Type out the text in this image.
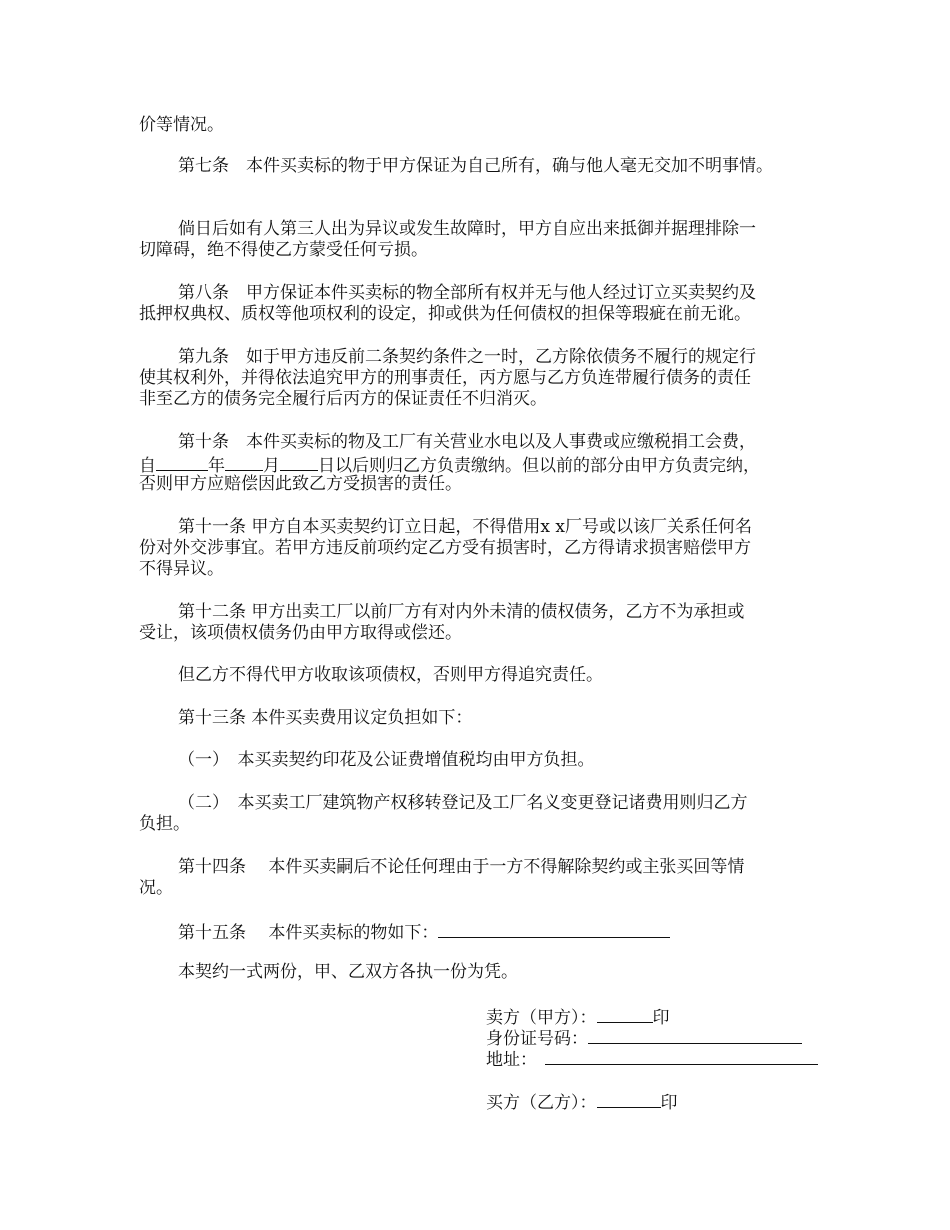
价等情况。
第七条　本件买卖标的物于甲方保证为自己所有，确与他人毫无交加不明事情。
倘日后如有人第三人出为异议或发生故障时，甲方自应出来抵御并据理排除一
切障碍，绝不得使乙方蒙受任何亏损。
第八条　甲方保证本件买卖标的物全部所有权并无与他人经过订立买卖契约及
抵押权典权、质权等他项权利的设定，抑或供为任何债权的担保等瑕疵在前无讹。
第九条　如于甲方违反前二条契约条件之一时，乙方除依债务不履行的规定行
使其权利外，并得依法追究甲方的刑事责任，丙方愿与乙方负连带履行债务的责任
非至乙方的债务完全履行后丙方的保证责任不归消灭。
第十条　本件买卖标的物及工厂有关营业水电以及人事费或应缴税捐工会费，
自	年 月 日以后则归乙方负责缴纳。但以前的部分由甲方负责完纳，
否则甲方应赔偿因此致乙方受损害的责任。
第十一条 甲方自本买卖契约订立日起，不得借用x x厂号或以该厂关系任何名
份对外交涉事宜。若甲方违反前项约定乙方受有损害时，乙方得请求损害赔偿甲方
不得异议。
第十二条 甲方出卖工厂以前厂方有对内外未清的债权债务，乙方不为承担或
受让，该项债权债务仍由甲方取得或偿还。
但乙方不得代甲方收取该项债权，否则甲方得追究责任。
第十三条 本件买卖费用议定负担如下：
（一）　本买卖契约印花及公证费增值税均由甲方负担。
（二）　本买卖工厂建筑物产权移转登记及工厂名义变更登记诸费用则归乙方
负担。
第十四条　 本件买卖嗣后不论任何理由于一方不得解除契约或主张买回等情
况。
第十五条　 本件买卖标的物如下：
本契约一式两份，甲、乙双方各执一份为凭。
卖方（甲方）：	印
身份证号码：
地址：
买方（乙方）：	印
